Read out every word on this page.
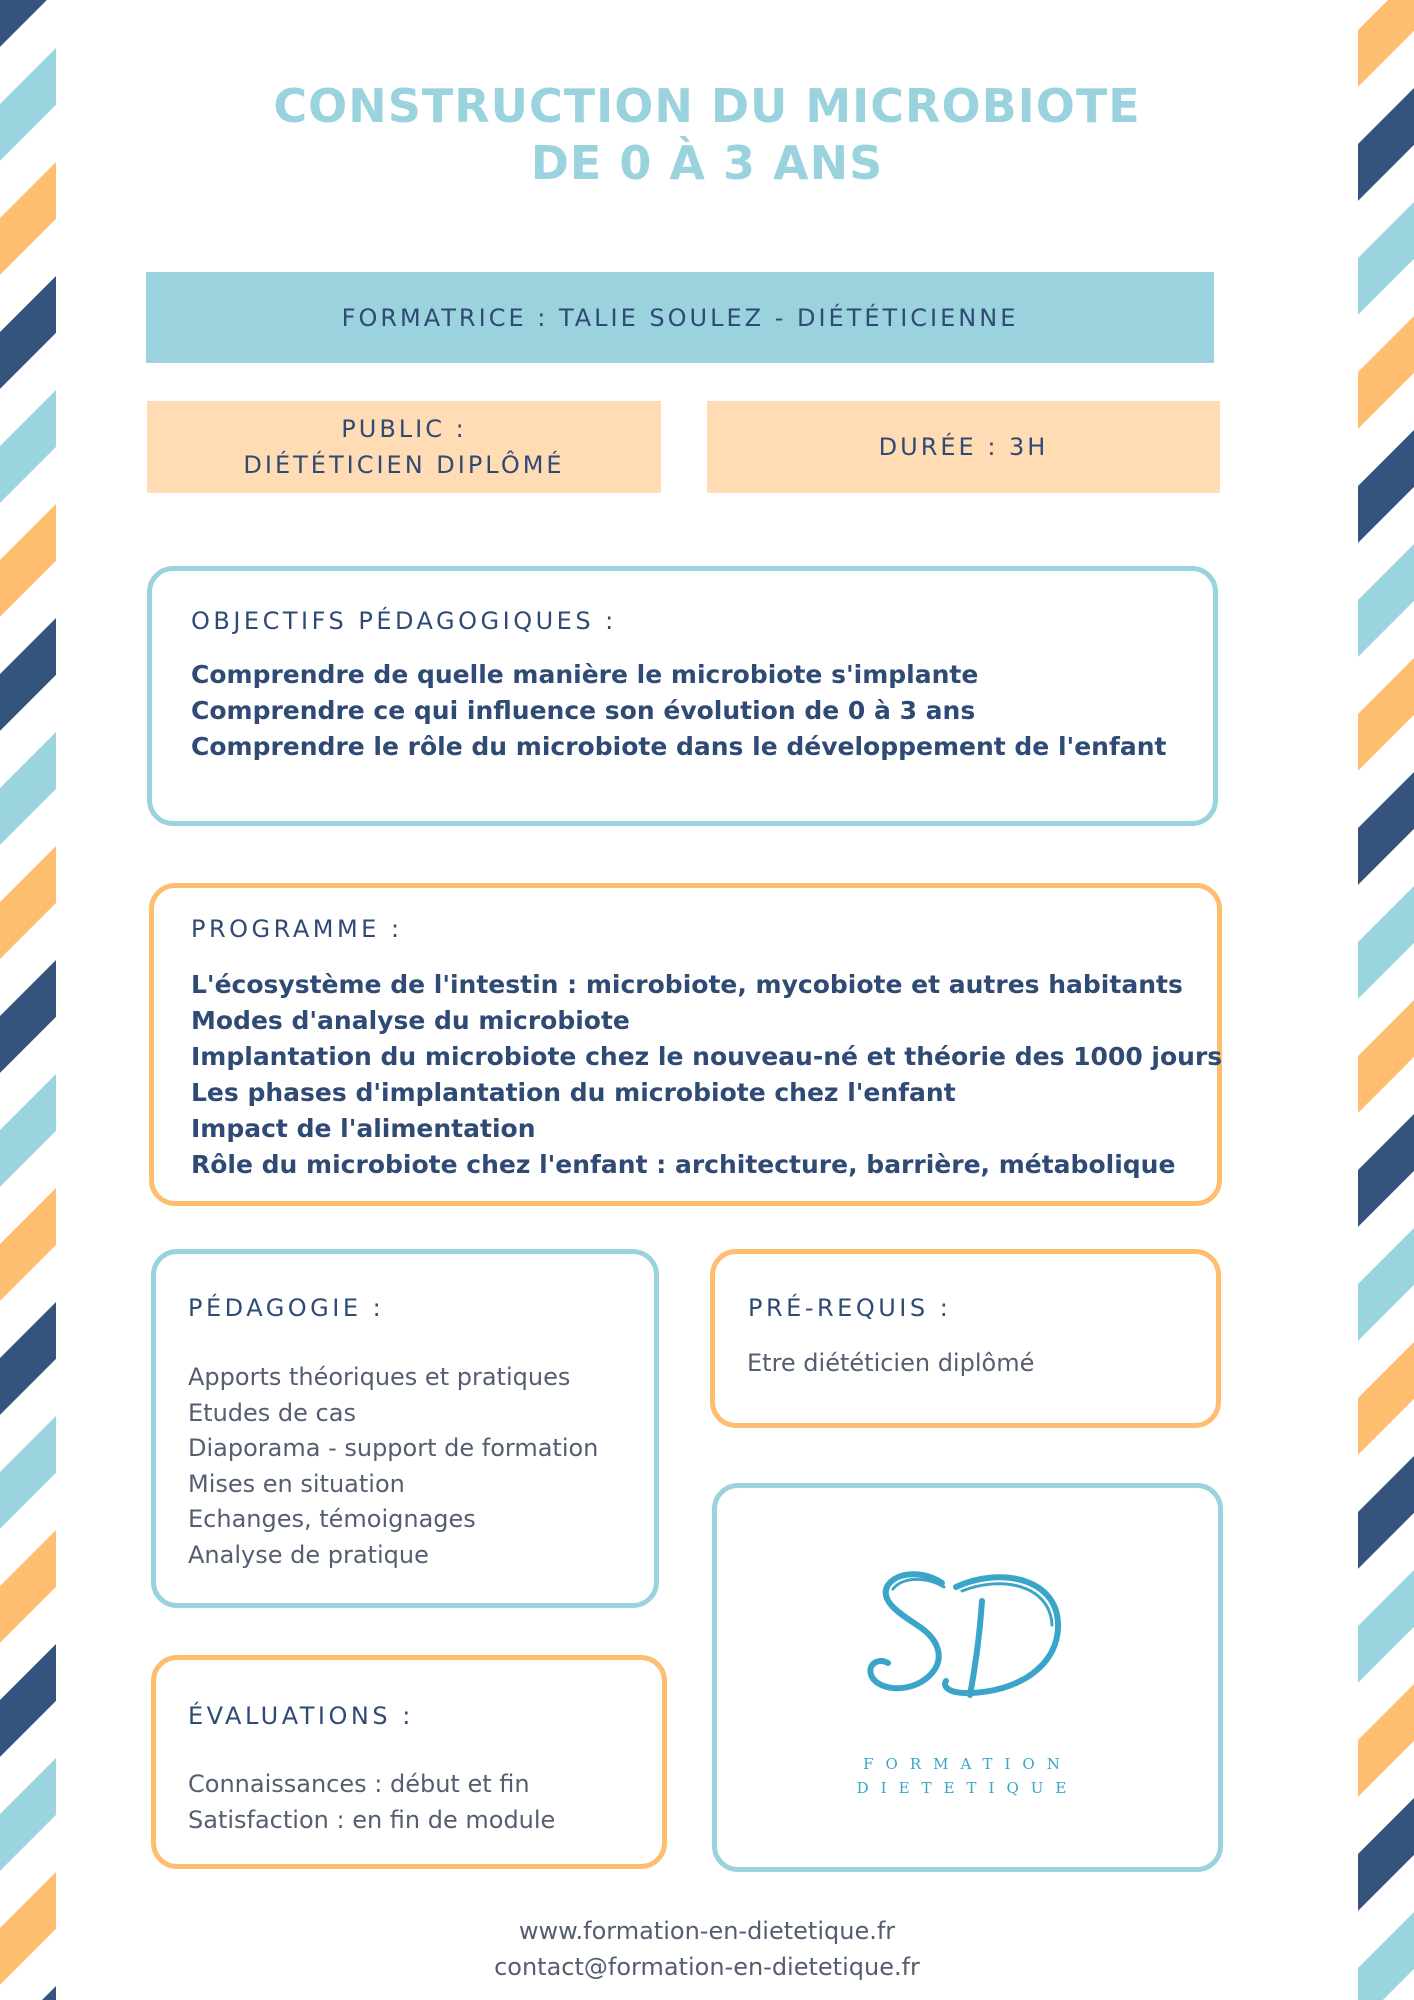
CONSTRUCTION DU MICROBIOTE
DE 0 À 3 ANS
FORMATRICE : TALIE SOULEZ - DIÉTÉTICIENNE
PUBLIC :
DIÉTÉTICIEN DIPLÔMÉ
DURÉE : 3H
OBJECTIFS PÉDAGOGIQUES :
Comprendre de quelle manière le microbiote s'implante
Comprendre ce qui influence son évolution de 0 à 3 ans
Comprendre le rôle du microbiote dans le développement de l'enfant
PROGRAMME :
L'écosystème de l'intestin : microbiote, mycobiote et autres habitants
Modes d'analyse du microbiote
Implantation du microbiote chez le nouveau-né et théorie des 1000 jours
Les phases d'implantation du microbiote chez l'enfant
Impact de l'alimentation
Rôle du microbiote chez l'enfant : architecture, barrière, métabolique
PÉDAGOGIE :
Apports théoriques et pratiques
Etudes de cas
Diaporama - support de formation
Mises en situation
Echanges, témoignages
Analyse de pratique
PRÉ-REQUIS :
Etre diététicien diplômé
ÉVALUATIONS :
Connaissances : début et fin
Satisfaction : en fin de module
FORMATION
DIETETIQUE
www.formation-en-dietetique.fr
contact@formation-en-dietetique.fr
